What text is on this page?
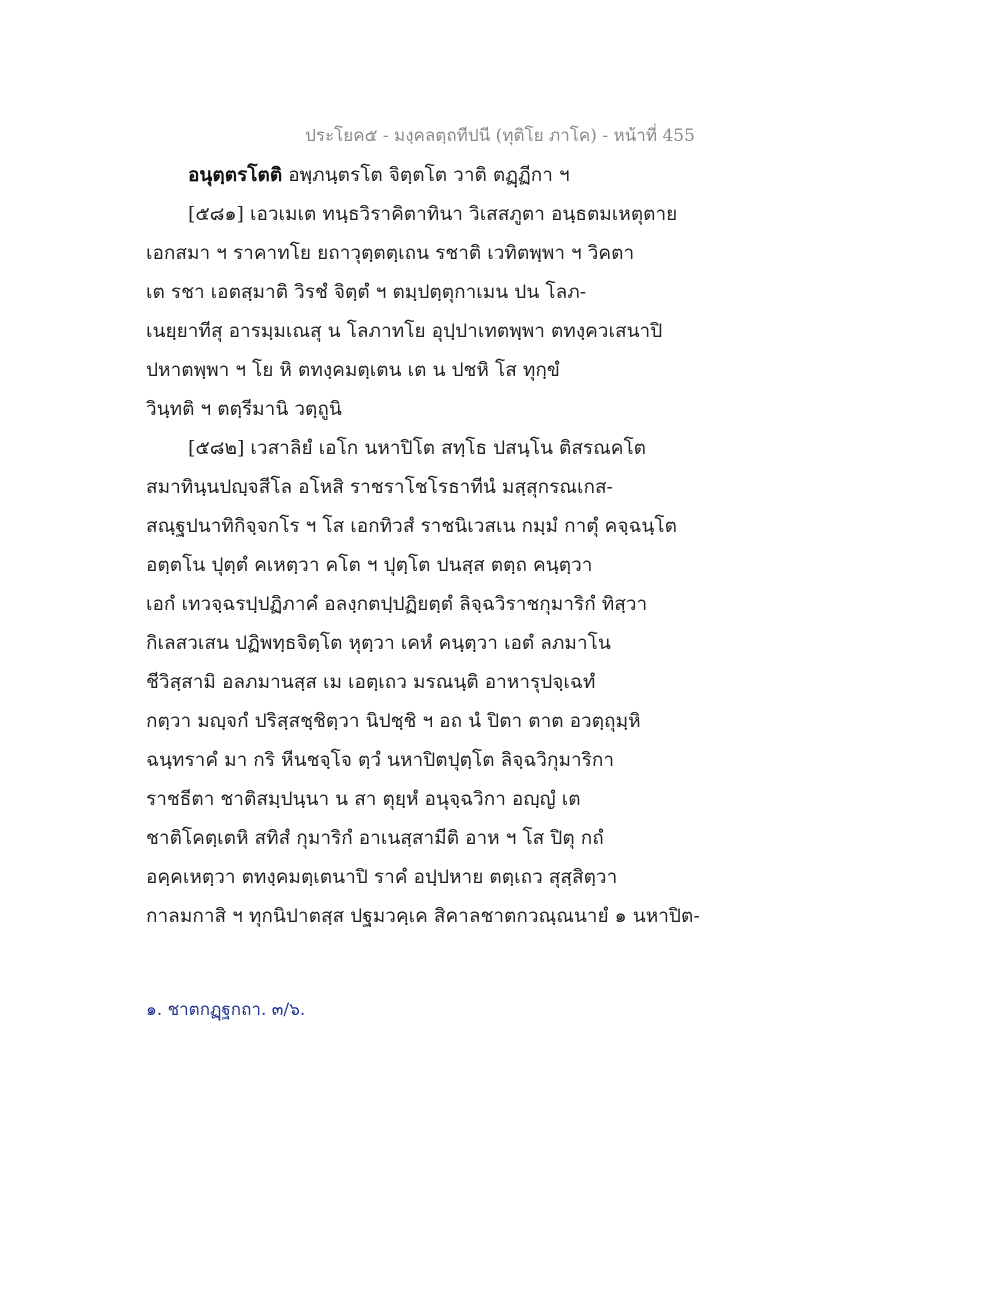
ประโยค๕ - มงฺคลตฺถทีปนี (ทุติโย ภาโค) - หน้าที่ 455
อนุตฺตรโตติ อพฺภนฺตรโต จิตฺตโต วาติ ตฏฺฏีกา ฯ
[๕๘๑] เอวเมเต ทนฺธวิราคิตาทินา วิเสสภูตา อนฺธตมเหตุตาย
เอกสมา ฯ ราคาทโย ยถาวุตฺตตฺเถน รชาติ เวทิตพฺพา ฯ วิคตา
เต รชา เอตสฺมาติ วิรชํ จิตฺตํ ฯ ตมฺปตฺตุกาเมน ปน โลภ-
เนยฺยาทีสุ อารมฺมเณสุ น โลภาทโย อุปฺปาเทตพฺพา ตทงฺควเสนาปิ
ปหาตพฺพา ฯ โย หิ ตทงฺคมตฺเตน เต น ปชหิ โส ทุกฺขํ
วินฺทติ ฯ ตตฺรีมานิ วตฺถูนิ
[๕๘๒] เวสาลิยํ เอโก นหาปิโต สทฺโธ ปสนฺโน ติสรณคโต
สมาทินฺนปญฺจสีโล อโหสิ ราชราโชโรธาทีนํ มสฺสุกรณเกส-
สณฺฐปนาทิกิจฺจกโร ฯ โส เอกทิวสํ ราชนิเวสเน กมฺมํ กาตุํ คจฺฉนฺโต
อตฺตโน ปุตฺตํ คเหตฺวา คโต ฯ ปุตฺโต ปนสฺส ตตฺถ คนฺตฺวา
เอกํ เทวจฺฉรปฺปฏิภาคํ อลงฺกตปฺปฏิยตฺตํ ลิจฺฉวิราชกุมาริกํ ทิสฺวา
กิเลสวเสน ปฏิพทฺธจิตฺโต หุตฺวา เคหํ คนฺตฺวา เอตํ ลภมาโน
ชีวิสฺสามิ อลภมานสฺส เม เอตฺเถว มรณนฺติ อาหารุปจฺเฉทํ
กตฺวา มญฺจกํ ปริสฺสชฺชิตฺวา นิปชฺชิ ฯ อถ นํ ปิตา ตาต อวตฺถุมฺหิ
ฉนฺทราคํ มา กริ หีนชจฺโจ ตฺวํ นหาปิตปุตฺโต ลิจฺฉวิกุมาริกา
ราชธีตา ชาติสมฺปนฺนา น สา ตุยฺหํ อนุจฺฉวิกา อญฺญํ เต
ชาติโคตฺเตหิ สทิสํ กุมาริกํ อาเนสฺสามีติ อาห ฯ โส ปิตุ กถํ
อคฺคเหตฺวา ตทงฺคมตฺเตนาปิ ราคํ อปฺปหาย ตตฺเถว สุสฺสิตฺวา
กาลมกาสิ ฯ ทุกนิปาตสฺส ปฐมวคฺเค สิคาลชาตกวณฺณนายํ ๑ นหาปิต-
๑. ชาตกฏฺฐกถา. ๓/๖.
